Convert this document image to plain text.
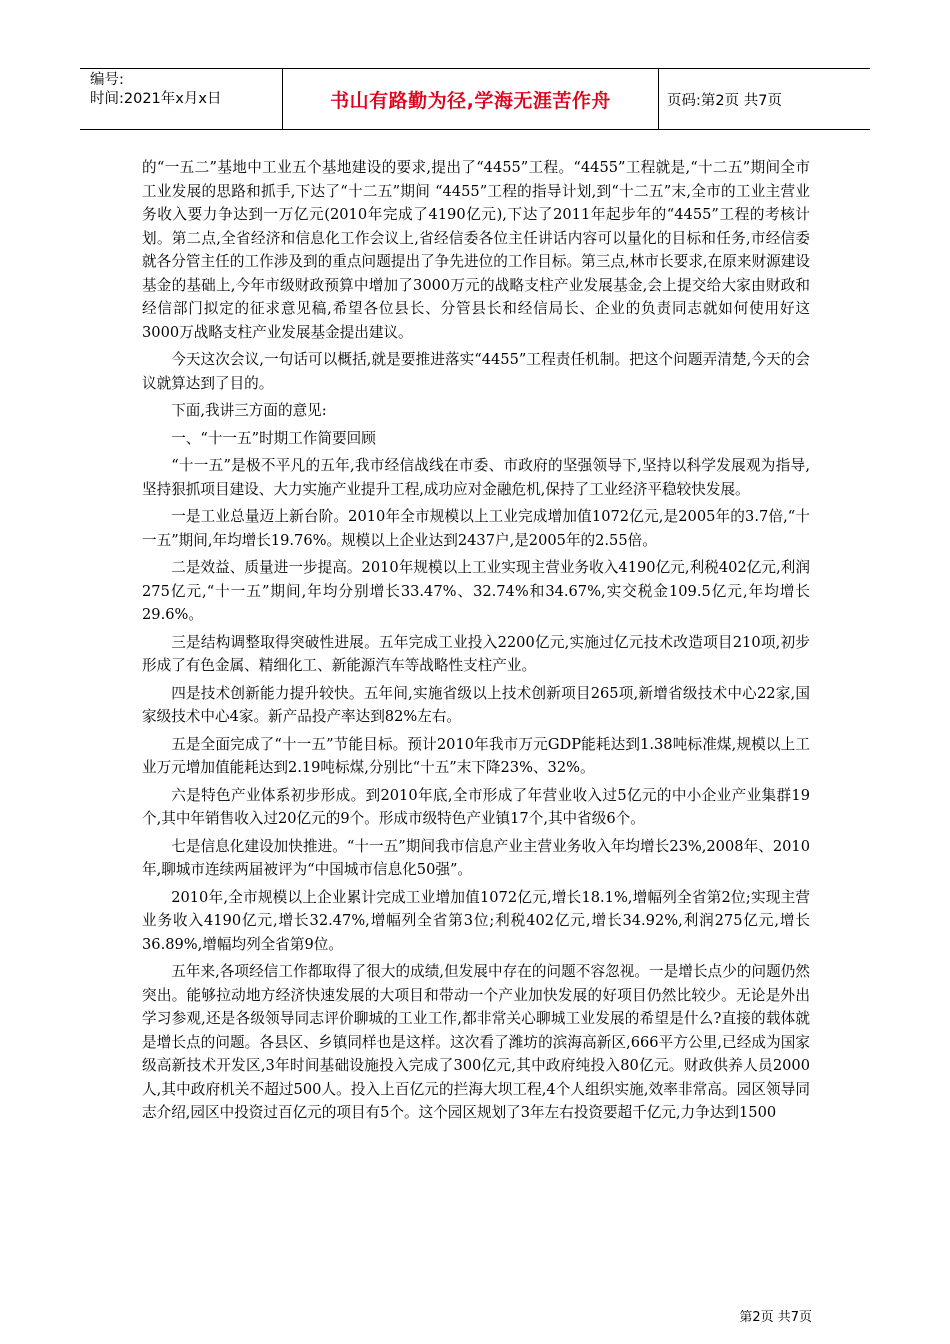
编号:
时间:2021年x月x日	书山有路勤为径,学海无涯苦作舟	页码:第2页 共7页

的“一五二”基地中工业五个基地建设的要求,提出了“4455”工程。“4455”工程就是,“十二五”期间全市工业发展的思路和抓手,下达了“十二五”期间 “4455”工程的指导计划,到“十二五”末,全市的工业主营业务收入要力争达到一万亿元(2010年完成了4190亿元),下达了2011年起步年的“4455”工程的考核计划。第二点,全省经济和信息化工作会议上,省经信委各位主任讲话内容可以量化的目标和任务,市经信委就各分管主任的工作涉及到的重点问题提出了争先进位的工作目标。第三点,林市长要求,在原来财源建设基金的基础上,今年市级财政预算中增加了3000万元的战略支柱产业发展基金,会上提交给大家由财政和经信部门拟定的征求意见稿,希望各位县长、分管县长和经信局长、企业的负责同志就如何使用好这3000万战略支柱产业发展基金提出建议。

今天这次会议,一句话可以概括,就是要推进落实“4455”工程责任机制。把这个问题弄清楚,今天的会议就算达到了目的。

下面,我讲三方面的意见:

一、“十一五”时期工作简要回顾

“十一五”是极不平凡的五年,我市经信战线在市委、市政府的坚强领导下,坚持以科学发展观为指导,坚持狠抓项目建设、大力实施产业提升工程,成功应对金融危机,保持了工业经济平稳较快发展。

一是工业总量迈上新台阶。2010年全市规模以上工业完成增加值1072亿元,是2005年的3.7倍,“十一五”期间,年均增长19.76%。规模以上企业达到2437户,是2005年的2.55倍。

二是效益、质量进一步提高。2010年规模以上工业实现主营业务收入4190亿元,利税402亿元,利润275亿元,“十一五”期间,年均分别增长33.47%、32.74%和34.67%,实交税金109.5亿元,年均增长29.6%。

三是结构调整取得突破性进展。五年完成工业投入2200亿元,实施过亿元技术改造项目210项,初步形成了有色金属、精细化工、新能源汽车等战略性支柱产业。

四是技术创新能力提升较快。五年间,实施省级以上技术创新项目265项,新增省级技术中心22家,国家级技术中心4家。新产品投产率达到82%左右。

五是全面完成了“十一五”节能目标。预计2010年我市万元GDP能耗达到1.38吨标准煤,规模以上工业万元增加值能耗达到2.19吨标煤,分别比“十五”末下降23%、32%。

六是特色产业体系初步形成。到2010年底,全市形成了年营业收入过5亿元的中小企业产业集群19个,其中年销售收入过20亿元的9个。形成市级特色产业镇17个,其中省级6个。

七是信息化建设加快推进。“十一五”期间我市信息产业主营业务收入年均增长23%,2008年、2010年,聊城市连续两届被评为“中国城市信息化50强”。

2010年,全市规模以上企业累计完成工业增加值1072亿元,增长18.1%,增幅列全省第2位;实现主营业务收入4190亿元,增长32.47%,增幅列全省第3位;利税402亿元,增长34.92%,利润275亿元,增长36.89%,增幅均列全省第9位。

五年来,各项经信工作都取得了很大的成绩,但发展中存在的问题不容忽视。一是增长点少的问题仍然突出。能够拉动地方经济快速发展的大项目和带动一个产业加快发展的好项目仍然比较少。无论是外出学习参观,还是各级领导同志评价聊城的工业工作,都非常关心聊城工业发展的希望是什么?直接的载体就是增长点的问题。各县区、乡镇同样也是这样。这次看了潍坊的滨海高新区,666平方公里,已经成为国家级高新技术开发区,3年时间基础设施投入完成了300亿元,其中政府纯投入80亿元。财政供养人员2000人,其中政府机关不超过500人。投入上百亿元的拦海大坝工程,4个人组织实施,效率非常高。园区领导同志介绍,园区中投资过百亿元的项目有5个。这个园区规划了3年左右投资要超千亿元,力争达到1500

第2页 共7页
